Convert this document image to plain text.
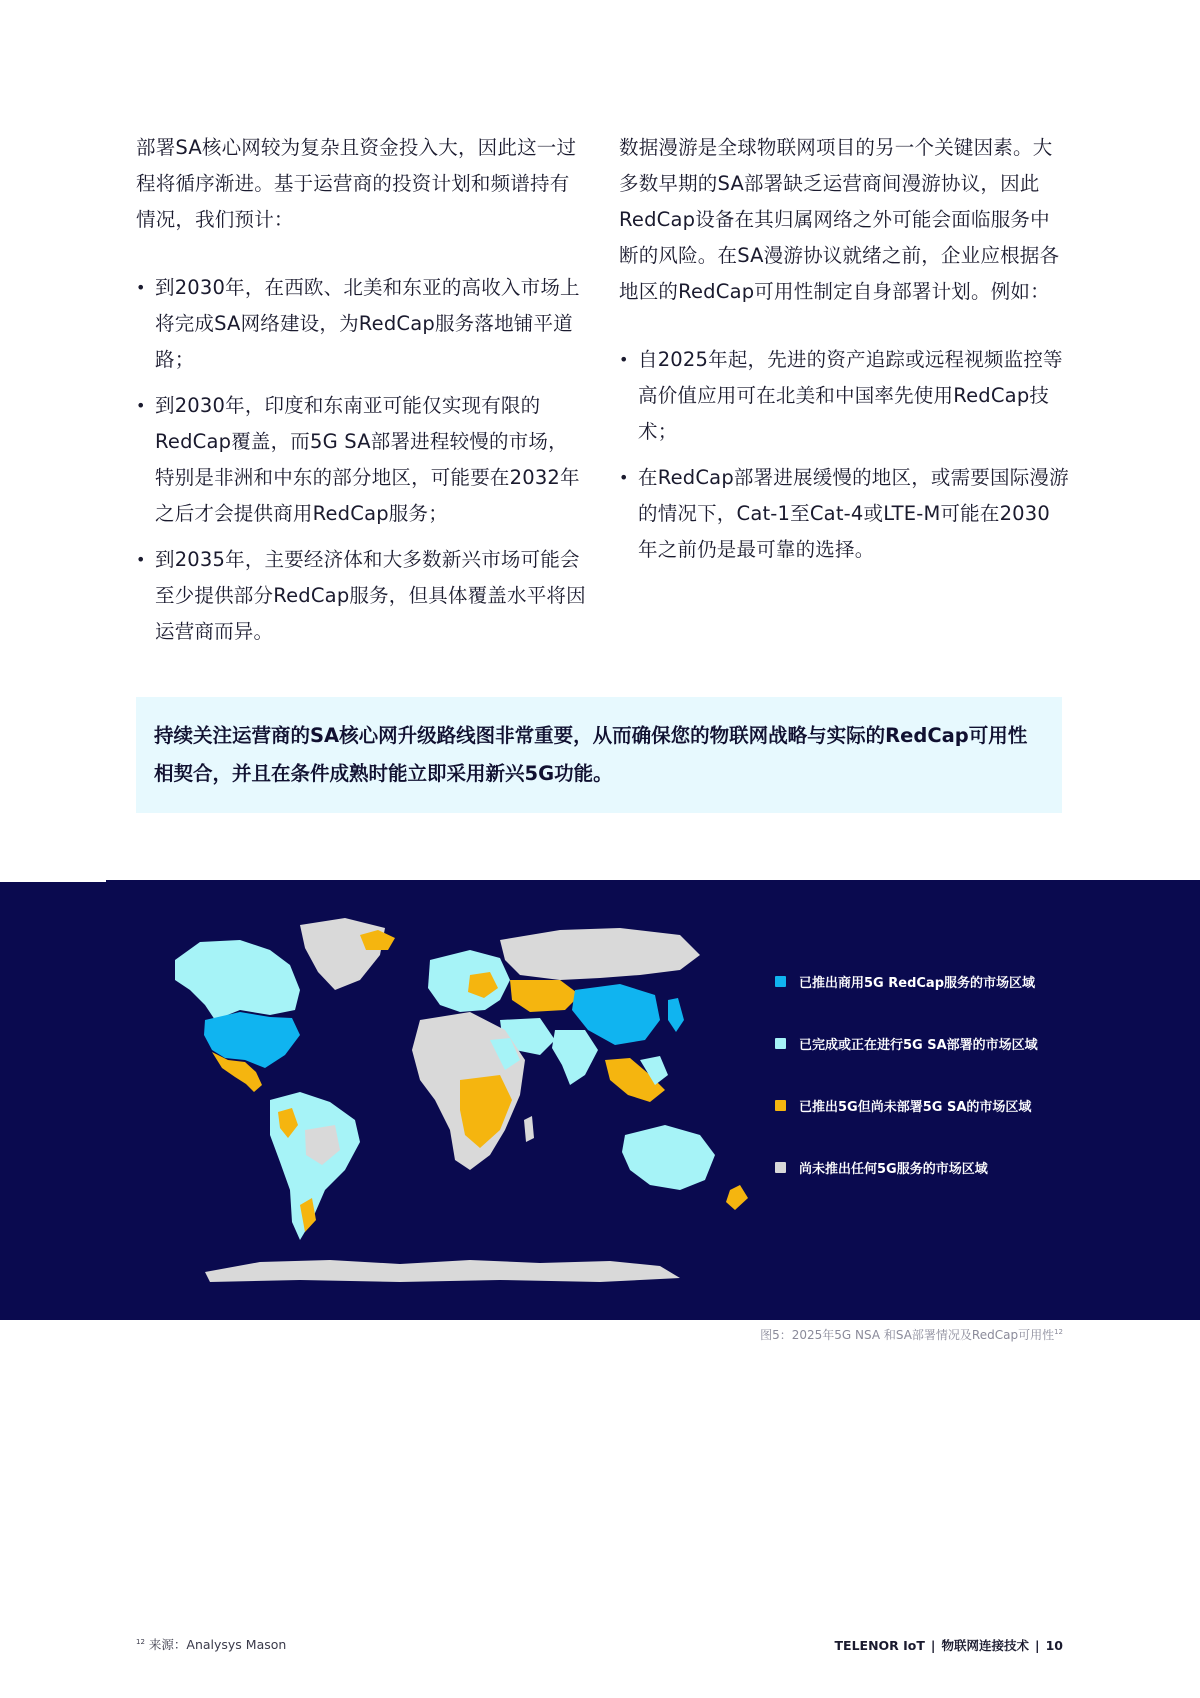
部署SA核心网较为复杂且资金投入大，因此这一过程将循序渐进。基于运营商的投资计划和频谱持有情况，我们预计：

• 到2030年，在西欧、北美和东亚的高收入市场上将完成SA网络建设，为RedCap服务落地铺平道路；
• 到2030年，印度和东南亚可能仅实现有限的RedCap覆盖，而5G SA部署进程较慢的市场，特别是非洲和中东的部分地区，可能要在2032年之后才会提供商用RedCap服务；
• 到2035年，主要经济体和大多数新兴市场可能会至少提供部分RedCap服务，但具体覆盖水平将因运营商而异。

数据漫游是全球物联网项目的另一个关键因素。大多数早期的SA部署缺乏运营商间漫游协议，因此RedCap设备在其归属网络之外可能会面临服务中断的风险。在SA漫游协议就绪之前，企业应根据各地区的RedCap可用性制定自身部署计划。例如：

• 自2025年起，先进的资产追踪或远程视频监控等高价值应用可在北美和中国率先使用RedCap技术；
• 在RedCap部署进展缓慢的地区，或需要国际漫游的情况下，Cat-1至Cat-4或LTE-M可能在2030年之前仍是最可靠的选择。
持续关注运营商的SA核心网升级路线图非常重要，从而确保您的物联网战略与实际的RedCap可用性相契合，并且在条件成熟时能立即采用新兴5G功能。
已推出商用5G RedCap服务的市场区域
已完成或正在进行5G SA部署的市场区域
已推出5G但尚未部署5G SA的市场区域
尚未推出任何5G服务的市场区域
图5：2025年5G NSA 和SA部署情况及RedCap可用性$^{12}$
$^{12}$ 来源：Analysys Mason	TELENOR IoT | 物联网连接技术 | 10
